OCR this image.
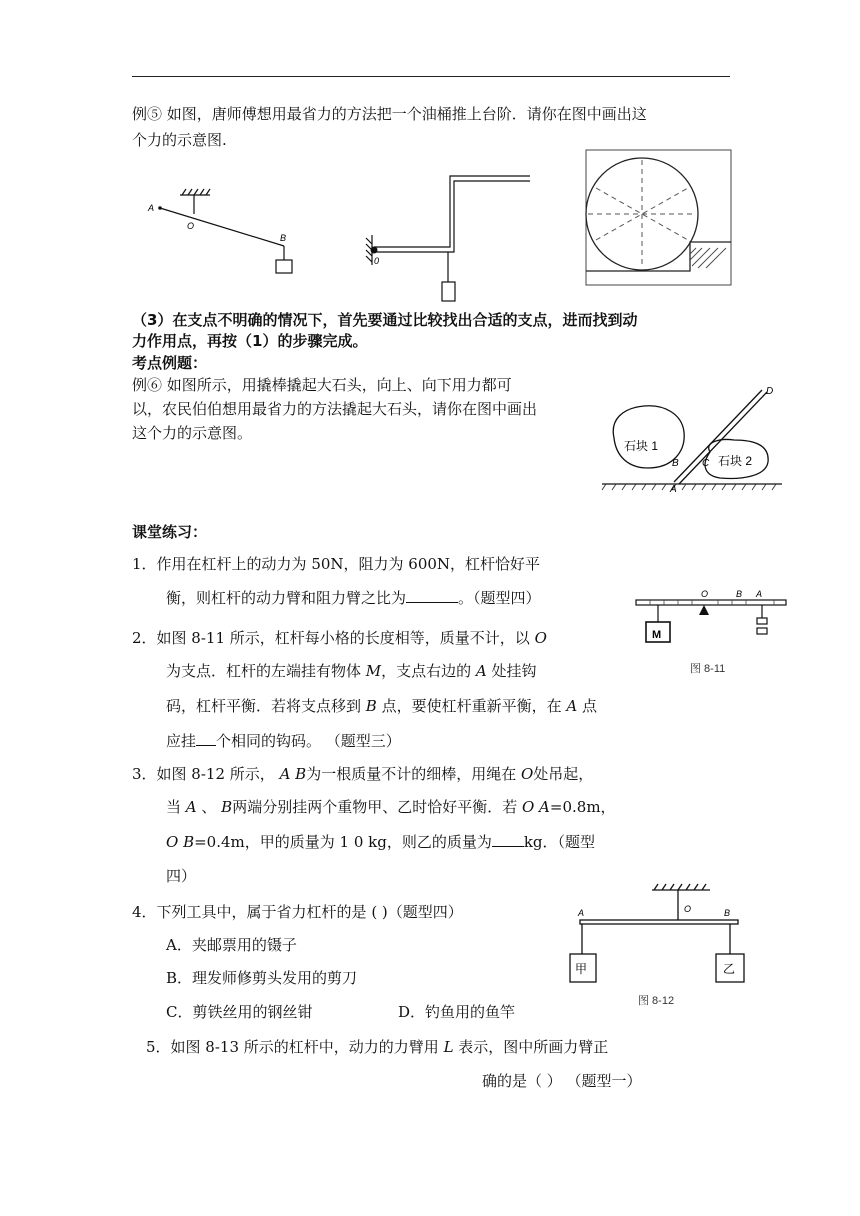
例⑤ 如图，唐师傅想用最省力的方法把一个油桶推上台阶．请你在图中画出这
个力的示意图.
A
O
B
0
（3）在支点不明确的情况下，首先要通过比较找出合适的支点，进而找到动
力作用点，再按（1）的步骤完成。
考点例题：
例⑥ 如图所示，用撬棒撬起大石头，向上、向下用力都可
以，农民伯伯想用最省力的方法撬起大石头，请你在图中画出
这个力的示意图。
石块 1
石块 2
A
B C
D
课堂练习：
1．作用在杠杆上的动力为 50N，阻力为 600N，杠杆恰好平
衡，则杠杆的动力臂和阻力臂之比为	。（题型四）
M
O	B A
图 8-11
2．如图 8-11 所示，杠杆每小格的长度相等，质量不计，以 O
为支点．杠杆的左端挂有物体 M，支点右边的 A 处挂钩
码，杠杆平衡．若将支点移到 B 点，要使杠杆重新平衡，在 A 点
应挂 个相同的钩码。 （题型三）
3．如图 8-12 所示， A B为一根质量不计的细棒，用绳在 O处吊起，
当 A 、 B两端分别挂两个重物甲、乙时恰好平衡．若 O A=0.8m，
O B=0.4m，甲的质量为 1 0 kg，则乙的质量为 kg．（题型
四）
4．下列工具中，属于省力杠杆的是 ( )（题型四）
A．夹邮票用的镊子
B．理发师修剪头发用的剪刀
C．剪铁丝用的钢丝钳	D．钓鱼用的鱼竿
A	O	B
甲	乙
图 8-12
5．如图 8-13 所示的杠杆中，动力的力臂用 L 表示，图中所画力臂正
确的是（ ） （题型一）
